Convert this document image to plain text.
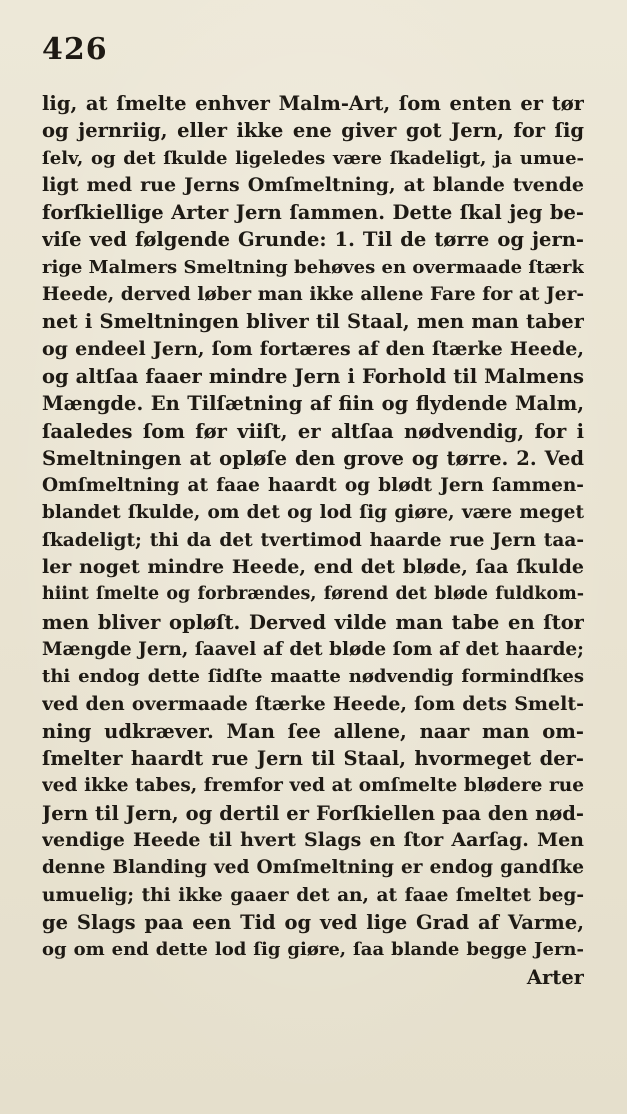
426
lig, at ſmelte enhver Malm-Art, ſom enten er tør
og jernriig, eller ikke ene giver got Jern, for ſig
ſelv, og det ſkulde ligeledes være ſkadeligt, ja umue-
ligt med rue Jerns Omſmeltning, at blande tvende
forſkiellige Arter Jern ſammen. Dette ſkal jeg be-
viſe ved følgende Grunde: 1. Til de tørre og jern-
rige Malmers Smeltning behøves en overmaade ſtærk
Heede, derved løber man ikke allene Fare for at Jer-
net i Smeltningen bliver til Staal, men man taber
og endeel Jern, ſom fortæres af den ſtærke Heede,
og altſaa faaer mindre Jern i Forhold til Malmens
Mængde. En Tilſætning af fiin og flydende Malm,
ſaaledes ſom før viiſt, er altſaa nødvendig, for i
Smeltningen at opløſe den grove og tørre. 2. Ved
Omſmeltning at faae haardt og blødt Jern ſammen-
blandet ſkulde, om det og lod ſig giøre, være meget
ſkadeligt; thi da det tvertimod haarde rue Jern taa-
ler noget mindre Heede, end det bløde, ſaa ſkulde
hiint ſmelte og forbrændes, førend det bløde fuldkom-
men bliver opløſt. Derved vilde man tabe en ſtor
Mængde Jern, ſaavel af det bløde ſom af det haarde;
thi endog dette ſidſte maatte nødvendig formindſkes
ved den overmaade ſtærke Heede, ſom dets Smelt-
ning udkræver. Man ſee allene, naar man om-
ſmelter haardt rue Jern til Staal, hvormeget der-
ved ikke tabes, fremfor ved at omſmelte blødere rue
Jern til Jern, og dertil er Forſkiellen paa den nød-
vendige Heede til hvert Slags en ſtor Aarſag. Men
denne Blanding ved Omſmeltning er endog gandſke
umuelig; thi ikke gaaer det an, at faae ſmeltet beg-
ge Slags paa een Tid og ved lige Grad af Varme,
og om end dette lod ſig giøre, ſaa blande begge Jern-
Arter
